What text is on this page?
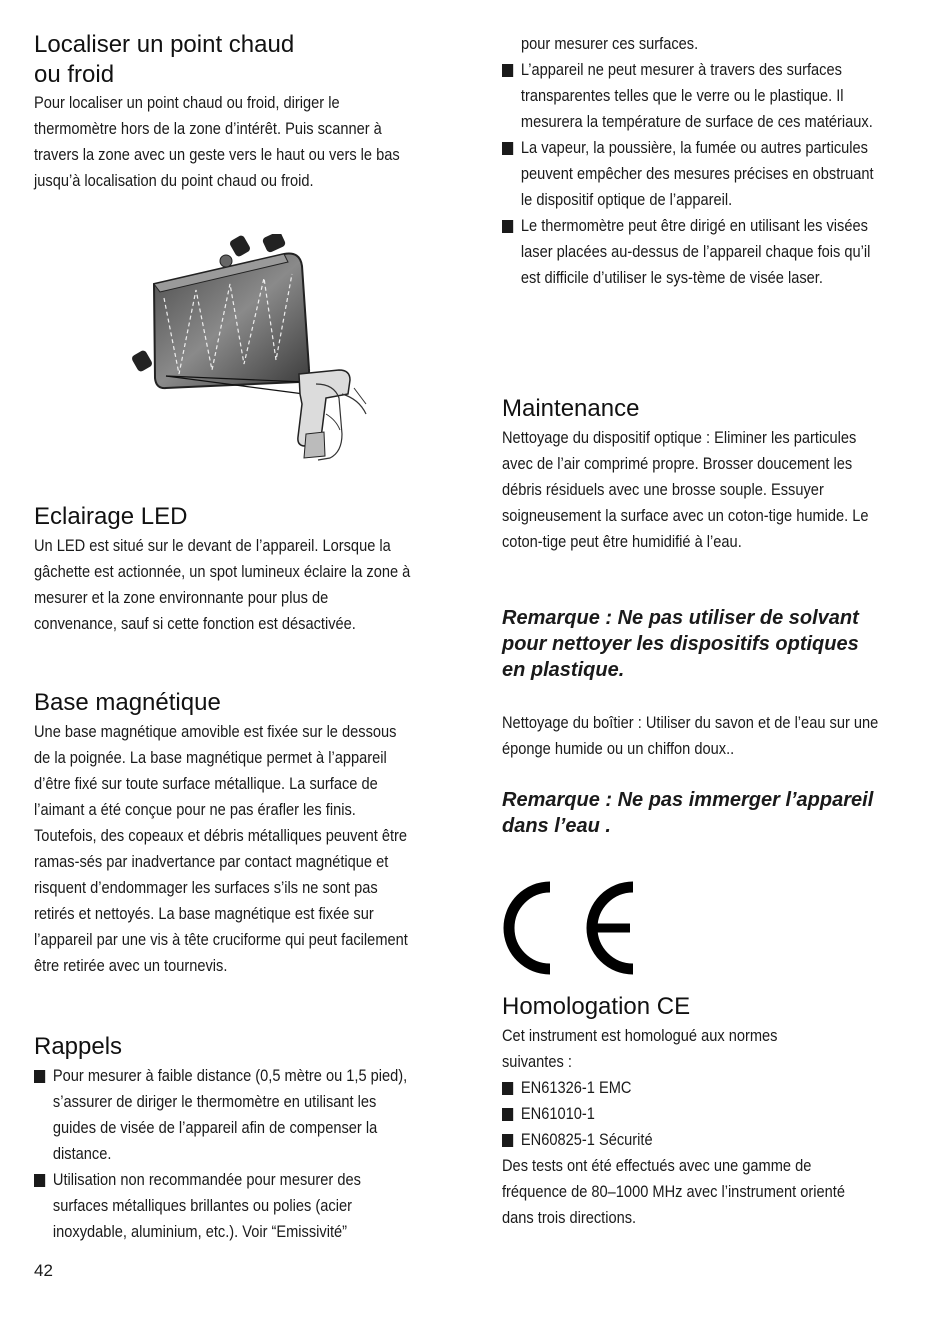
Localiser un point chaud
ou froid

Pour localiser un point chaud ou froid, diriger le thermomètre hors de la zone d’intérêt. Puis scanner à travers la zone avec un geste vers le haut ou vers le bas jusqu’à localisation du point chaud ou froid.

Eclairage LED

Un LED est situé sur le devant de l’appareil. Lorsque la gâchette est actionnée, un spot lumineux éclaire la zone à mesurer et la zone environnante pour plus de convenance, sauf si cette fonction est désactivée.

Base magnétique

Une base magnétique amovible est fixée sur le dessous de la poignée. La base magnétique permet à l’appareil d’être fixé sur toute surface métallique. La surface de l’aimant a été conçue pour ne pas érafler les finis. Toutefois, des copeaux et débris métalliques peuvent être ramas-sés par inadvertance par contact magnétique et risquent d’endommager les surfaces s’ils ne sont pas retirés et nettoyés. La base magnétique est fixée sur l’appareil par une vis à tête cruciforme qui peut facilement être retirée avec un tournevis.

Rappels
Pour mesurer à faible distance (0,5 mètre ou 1,5 pied), s’assurer de diriger le thermomètre en utilisant les guides de visée de l’appareil afin de compenser la distance.
Utilisation non recommandée pour mesurer des surfaces métalliques brillantes ou polies (acier inoxydable, aluminium, etc.). Voir “Emissivité”

pour mesurer ces surfaces.

L’appareil ne peut mesurer à travers des surfaces transparentes telles que le verre ou le plastique. Il mesurera la température de surface de ces matériaux.
La vapeur, la poussière, la fumée ou autres particules peuvent empêcher des mesures précises en obstruant le dispositif optique de l’appareil.
Le thermomètre peut être dirigé en utilisant les visées laser placées au-dessus de l’appareil chaque fois qu’il est difficile d’utiliser le sys-tème de visée laser.
Maintenance

Nettoyage du dispositif optique : Eliminer les particules avec de l’air comprimé propre. Brosser doucement les débris résiduels avec une brosse souple. Essuyer soigneusement la surface avec un coton-tige humide. Le coton-tige peut être humidifié à l’eau.

Remarque : Ne pas utiliser de solvant pour nettoyer les dispositifs optiques en plastique.

Nettoyage du boîtier : Utiliser du savon et de l’eau sur une éponge humide ou un chiffon doux..

Remarque : Ne pas immerger l’appareil dans l’eau .

Homologation CE

Cet instrument est homologué aux normes suivantes :

EN61326-1 EMC
EN61010-1
EN60825-1 Sécurité

Des tests ont été effectués avec une gamme de fréquence de 80–1000 MHz avec l’instrument orienté dans trois directions.

42
